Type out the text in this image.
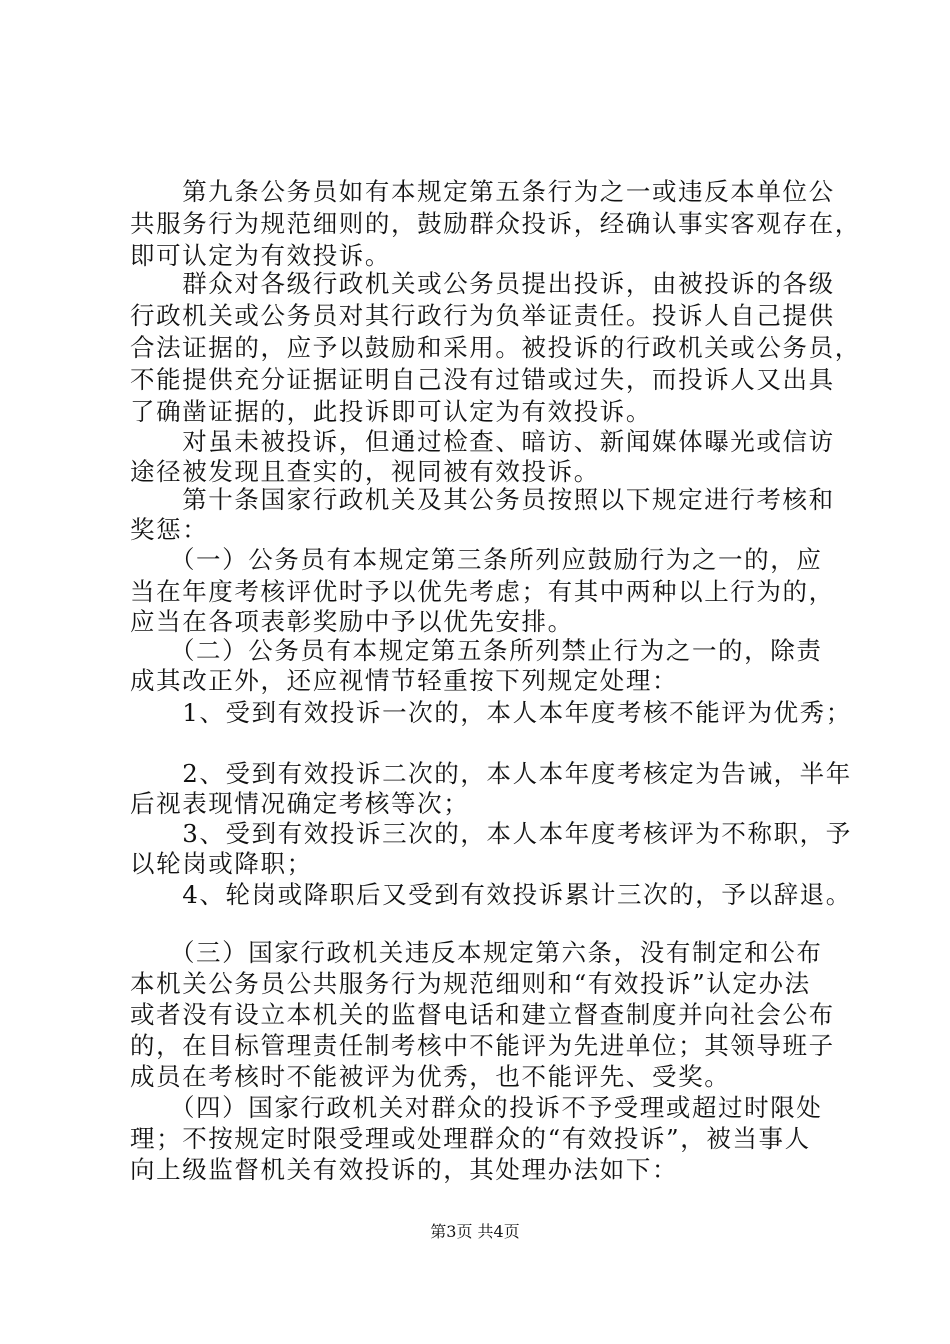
　　第九条公务员如有本规定第五条行为之一或违反本单位公
共服务行为规范细则的，鼓励群众投诉，经确认事实客观存在，
即可认定为有效投诉。
　　群众对各级行政机关或公务员提出投诉，由被投诉的各级
行政机关或公务员对其行政行为负举证责任。投诉人自己提供
合法证据的，应予以鼓励和采用。被投诉的行政机关或公务员，
不能提供充分证据证明自己没有过错或过失，而投诉人又出具
了确凿证据的，此投诉即可认定为有效投诉。
　　对虽未被投诉，但通过检查、暗访、新闻媒体曝光或信访
途径被发现且查实的，视同被有效投诉。
　　第十条国家行政机关及其公务员按照以下规定进行考核和
奖惩：
　　（一）公务员有本规定第三条所列应鼓励行为之一的，应
当在年度考核评优时予以优先考虑；有其中两种以上行为的，
应当在各项表彰奖励中予以优先安排。
　　（二）公务员有本规定第五条所列禁止行为之一的，除责
成其改正外，还应视情节轻重按下列规定处理：
　　1、受到有效投诉一次的，本人本年度考核不能评为优秀；
　　2、受到有效投诉二次的，本人本年度考核定为告诫，半年
后视表现情况确定考核等次；
　　3、受到有效投诉三次的，本人本年度考核评为不称职，予
以轮岗或降职；
　　4、轮岗或降职后又受到有效投诉累计三次的，予以辞退。
　　（三）国家行政机关违反本规定第六条，没有制定和公布
本机关公务员公共服务行为规范细则和“有效投诉”认定办法
或者没有设立本机关的监督电话和建立督查制度并向社会公布
的，在目标管理责任制考核中不能评为先进单位；其领导班子
成员在考核时不能被评为优秀，也不能评先、受奖。
　　（四）国家行政机关对群众的投诉不予受理或超过时限处
理；不按规定时限受理或处理群众的“有效投诉”，被当事人
向上级监督机关有效投诉的，其处理办法如下：
第3页 共4页
